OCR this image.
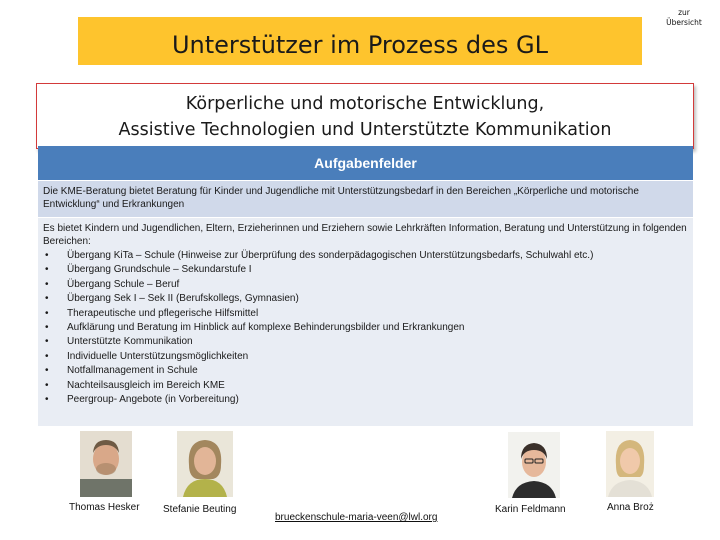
Unterstützer im Prozess des GL
zur
Übersicht
Körperliche und motorische Entwicklung,
Assistive Technologien und Unterstützte Kommunikation
Aufgabenfelder
Die KME-Beratung bietet Beratung für Kinder und Jugendliche mit Unterstützungsbedarf in den Bereichen „Körperliche und motorische Entwicklung“ und Erkrankungen
Es bietet Kindern und Jugendlichen, Eltern, Erzieherinnen und Erziehern sowie Lehrkräften Information, Beratung und Unterstützung in folgenden Bereichen:
• Übergang KiTa – Schule (Hinweise zur Überprüfung des sonderpädagogischen Unterstützungsbedarfs, Schulwahl etc.)
• Übergang Grundschule – Sekundarstufe I
• Übergang Schule – Beruf
• Übergang Sek I – Sek II (Berufskollegs, Gymnasien)
• Therapeutische und pflegerische Hilfsmittel
• Aufklärung und Beratung im Hinblick auf komplexe Behinderungsbilder und Erkrankungen
• Unterstützte Kommunikation
• Individuelle Unterstützungsmöglichkeiten
• Notfallmanagement in Schule
• Nachteilsausgleich im Bereich KME
• Peergroup- Angebote (in Vorbereitung)
Thomas Hesker Stefanie Beuting	Karin Feldmann	Anna Broż
brueckenschule-maria-veen@lwl.org
